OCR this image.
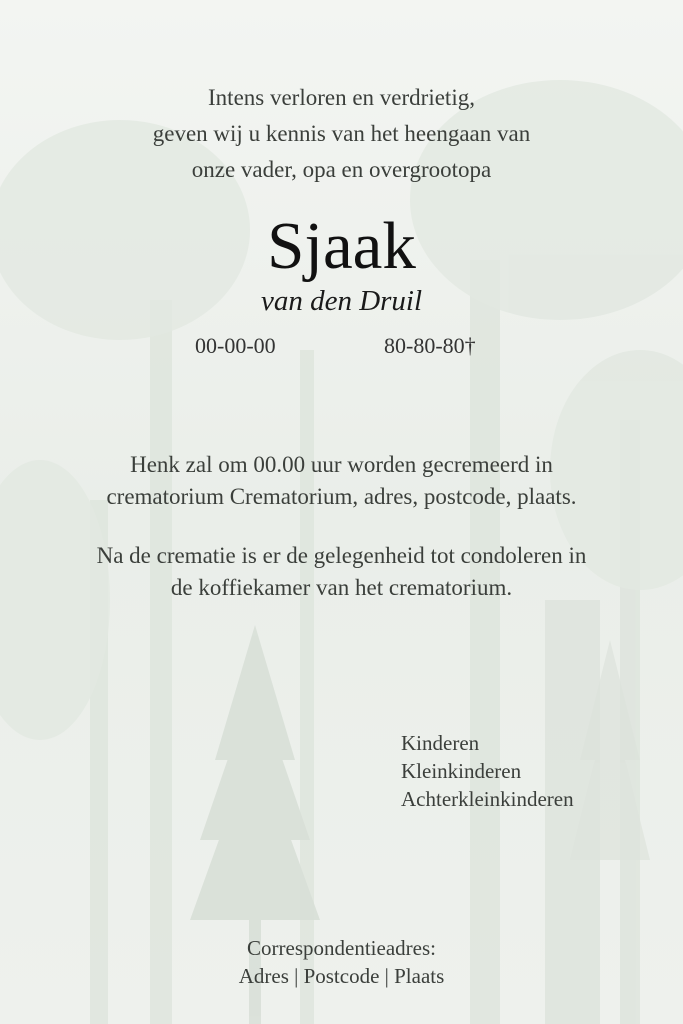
Intens verloren en verdrietig,
geven wij u kennis van het heengaan van
onze vader, opa en overgrootopa
Sjaak
van den Druil
00-00-00	80-80-80†
Henk zal om 00.00 uur worden gecremeerd in
crematorium Crematorium, adres, postcode, plaats.
Na de crematie is er de gelegenheid tot condoleren in
de koffiekamer van het crematorium.
Kinderen
Kleinkinderen
Achterkleinkinderen
Correspondentieadres:
Adres | Postcode | Plaats
